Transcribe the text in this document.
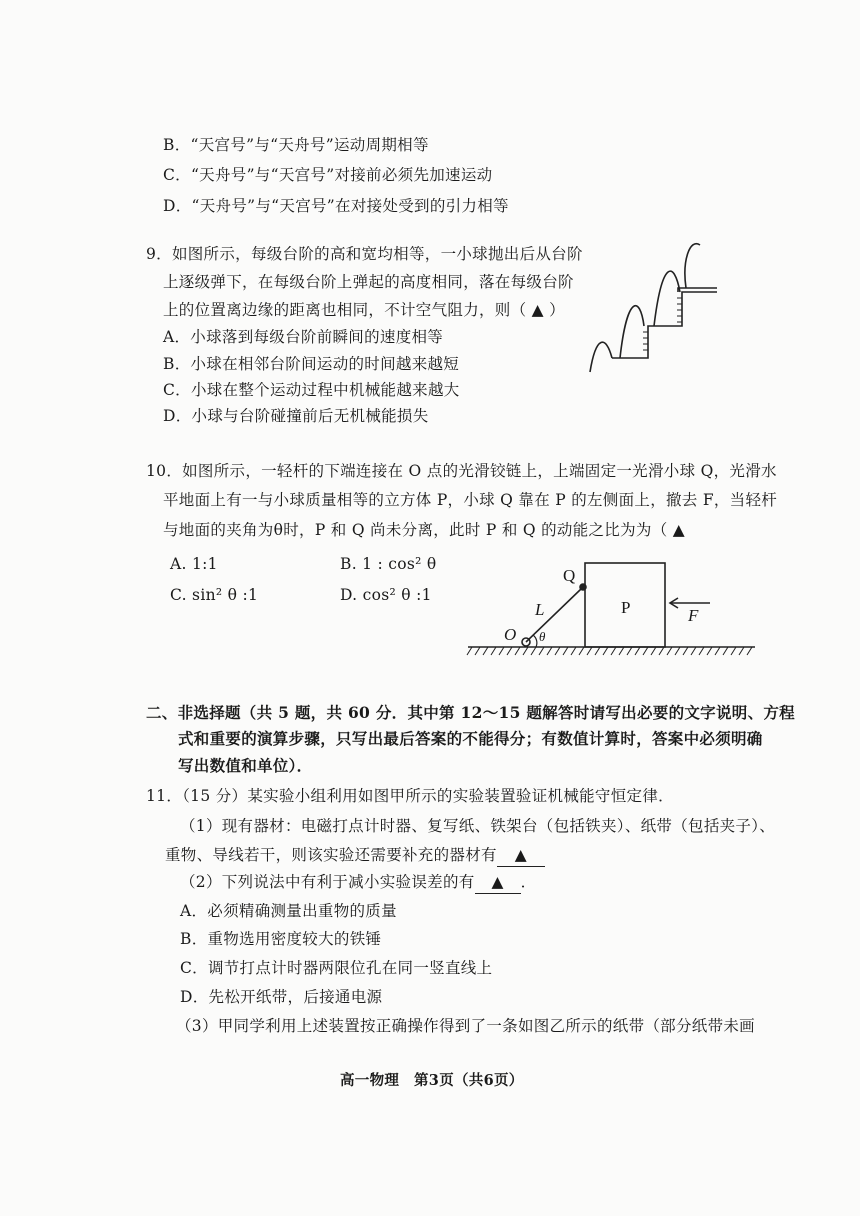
B．“天宫号”与“天舟号”运动周期相等
C．“天舟号”与“天宫号”对接前必须先加速运动
D．“天舟号”与“天宫号”在对接处受到的引力相等
9．如图所示，每级台阶的高和宽均相等，一小球抛出后从台阶
上逐级弹下，在每级台阶上弹起的高度相同，落在每级台阶
上的位置离边缘的距离也相同，不计空气阻力，则（ ▲ ）
A．小球落到每级台阶前瞬间的速度相等
B．小球在相邻台阶间运动的时间越来越短
C．小球在整个运动过程中机械能越来越大
D．小球与台阶碰撞前后无机械能损失
10．如图所示，一轻杆的下端连接在 O 点的光滑铰链上，上端固定一光滑小球 Q，光滑水
平地面上有一与小球质量相等的立方体 P，小球 Q 靠在 P 的左侧面上，撤去 F，当轻杆
与地面的夹角为θ时，P 和 Q 尚未分离，此时 P 和 Q 的动能之比为为（ ▲
A. 1:1	B. 1 : cos² θ
C. sin² θ :1	D. cos² θ :1
Q
P	F
L
O θ
二、非选择题（共 5 题，共 60 分．其中第 12～15 题解答时请写出必要的文字说明、方程
式和重要的演算步骤，只写出最后答案的不能得分；有数值计算时，答案中必须明确
写出数值和单位）．
11．（15 分）某实验小组利用如图甲所示的实验装置验证机械能守恒定律．
（1）现有器材：电磁打点计时器、复写纸、铁架台（包括铁夹）、纸带（包括夹子）、
重物、导线若干，则该实验还需要补充的器材有 ▲
（2）下列说法中有利于减小实验误差的有 ▲ ．
A．必须精确测量出重物的质量
B．重物选用密度较大的铁锤
C．调节打点计时器两限位孔在同一竖直线上
D．先松开纸带，后接通电源
（3）甲同学利用上述装置按正确操作得到了一条如图乙所示的纸带（部分纸带未画
高一物理　第3页（共6页）
